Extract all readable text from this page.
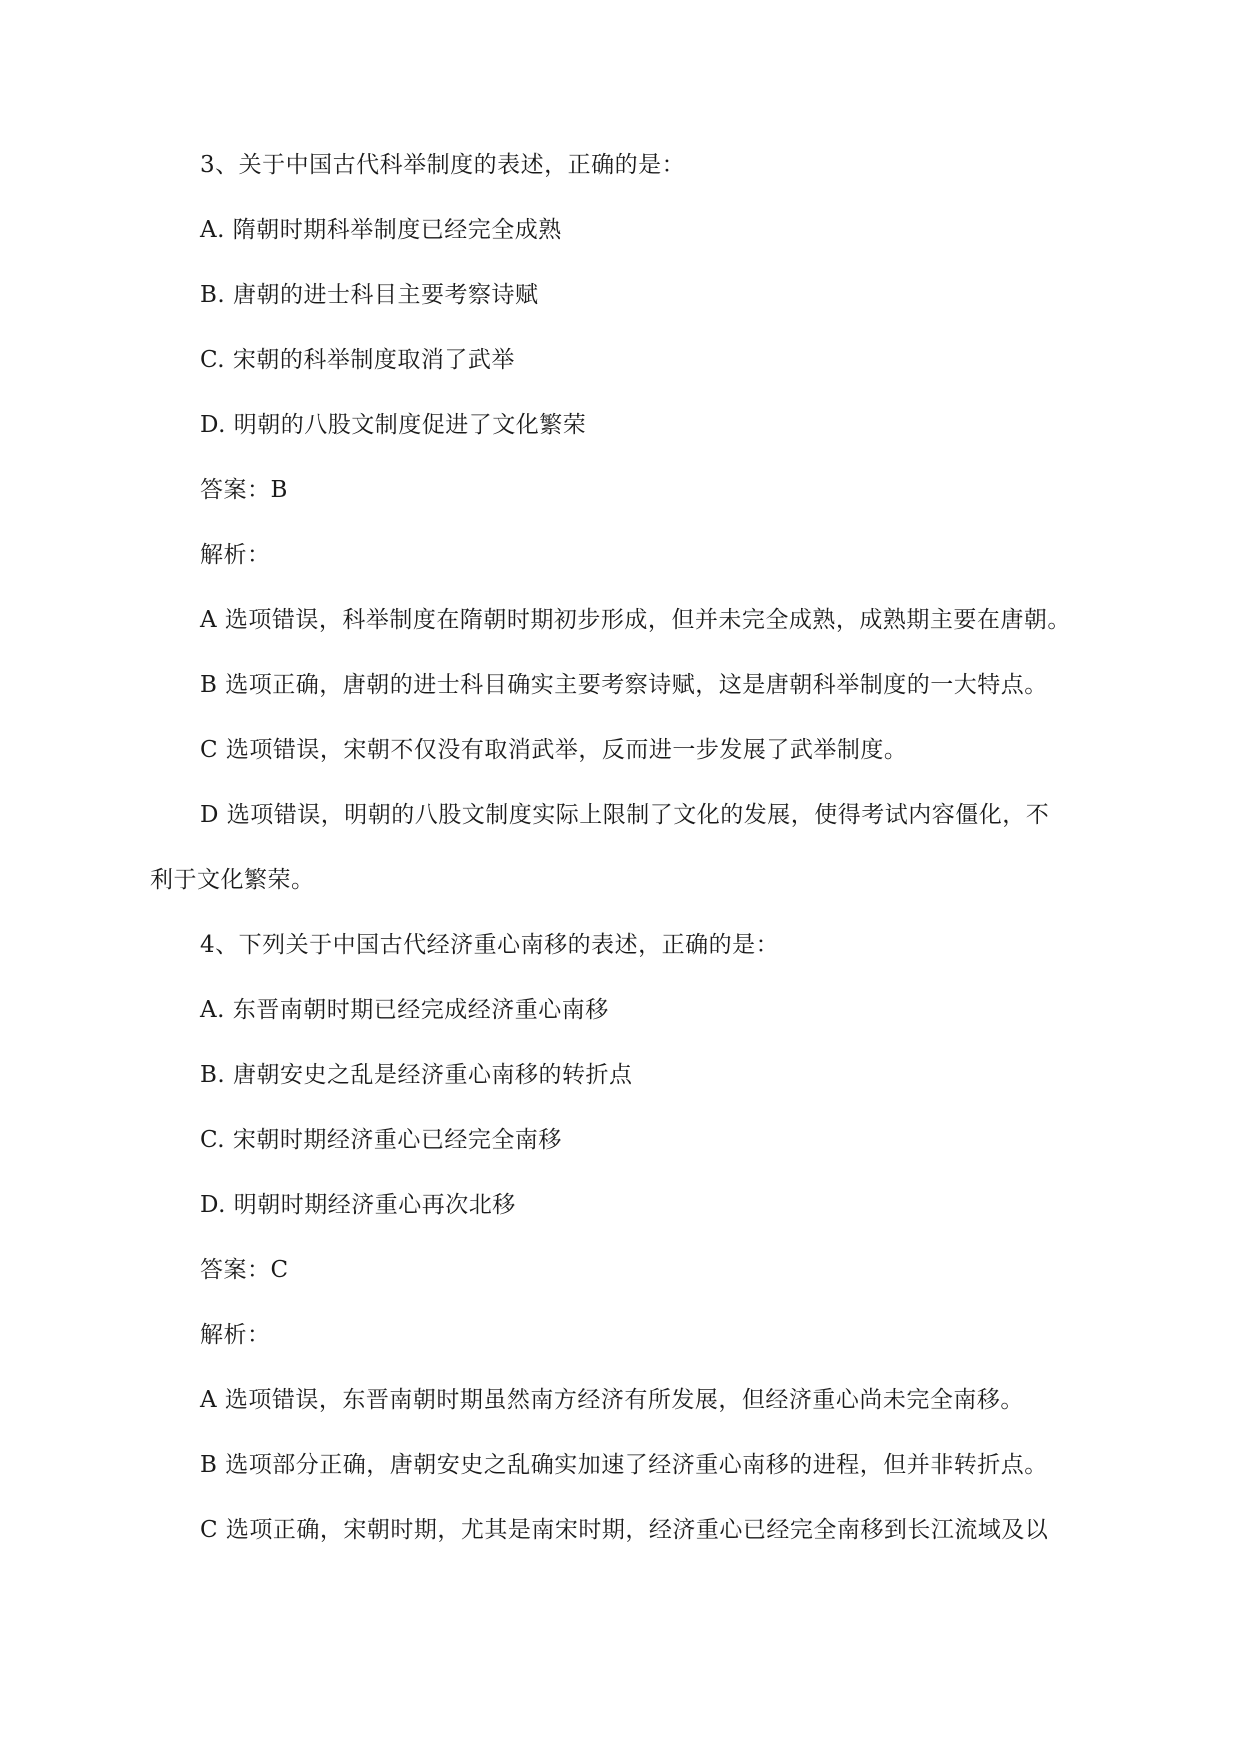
3、关于中国古代科举制度的表述，正确的是：
A. 隋朝时期科举制度已经完全成熟
B. 唐朝的进士科目主要考察诗赋
C. 宋朝的科举制度取消了武举
D. 明朝的八股文制度促进了文化繁荣
答案：B
解析：
A 选项错误，科举制度在隋朝时期初步形成，但并未完全成熟，成熟期主要在唐朝。
B 选项正确，唐朝的进士科目确实主要考察诗赋，这是唐朝科举制度的一大特点。
C 选项错误，宋朝不仅没有取消武举，反而进一步发展了武举制度。
D 选项错误，明朝的八股文制度实际上限制了文化的发展，使得考试内容僵化，不
利于文化繁荣。
4、下列关于中国古代经济重心南移的表述，正确的是：
A. 东晋南朝时期已经完成经济重心南移
B. 唐朝安史之乱是经济重心南移的转折点
C. 宋朝时期经济重心已经完全南移
D. 明朝时期经济重心再次北移
答案：C
解析：
A 选项错误，东晋南朝时期虽然南方经济有所发展，但经济重心尚未完全南移。
B 选项部分正确，唐朝安史之乱确实加速了经济重心南移的进程，但并非转折点。
C 选项正确，宋朝时期，尤其是南宋时期，经济重心已经完全南移到长江流域及以
